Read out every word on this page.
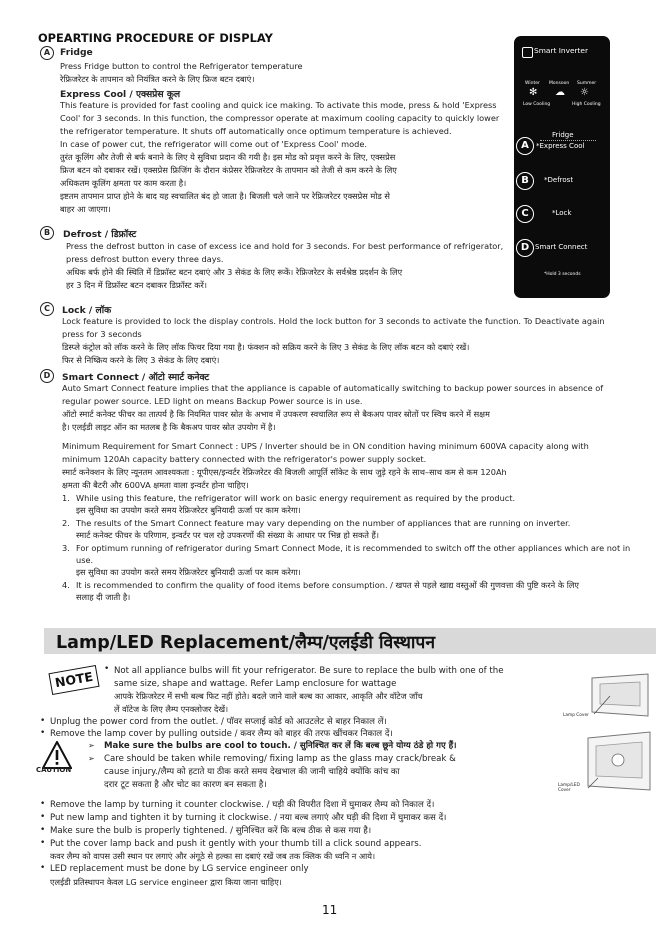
OPEARTING PROCEDURE OF DISPLAY
A	Fridge
Press Fridge button to control the Refrigerator temperature
रेफ्रिजरेटर के तापमान को नियंत्रित करने के लिए फ्रिज बटन दबाएं।
Express Cool / एक्सप्रेस कूल
This feature is provided for fast cooling and quick ice making. To activate this mode, press & hold 'Express
Cool' for 3 seconds. In this function, the compressor operate at maximum cooling capacity to quickly lower
the refrigerator temperature. It shuts off automatically once optimum temperature is achieved.
In case of power cut, the refrigerator will come out of 'Express Cool' mode.
तुरंत कूलिंग और तेजी से बर्फ बनाने के लिए ये सुविधा प्रदान की गयी है। इस मोड को प्रवृत्त करने के लिए, एक्सप्रेस
फ्रिज बटन को दबाकर रखें। एक्सप्रेस फ्रिजिंग के दौरान कंप्रेसर रेफ्रिजरेटर के तापमान को तेजी से कम करने के लिए
अधिकतम कूलिंग क्षमता पर काम करता है।
इष्टतम तापमान प्राप्त होने के बाद यह स्वचालित बंद हो जाता है। बिजली चले जाने पर रेफ्रिजरेटर एक्सप्रेस मोड से
बाहर आ जाएगा।
B	Defrost / डिफ्रॉस्ट
Press the defrost button in case of excess ice and hold for 3 seconds. For best performance of refrigerator,
press defrost button every three days.
अधिक बर्फ होने की स्थिति में डिफ्रॉस्ट बटन दबाएं और 3 सेकंड के लिए रूकें। रेफ्रिजरेटर के सर्वश्रेष्ठ प्रदर्शन के लिए
हर 3 दिन में डिफ्रॉस्ट बटन दबाकर डिफ्रॉस्ट करें।
C	Lock / लॉक
Lock feature is provided to lock the display controls. Hold the lock button for 3 seconds to activate the function. To Deactivate again
press for 3 seconds
डिस्प्ले कंट्रोल को लॉक करने के लिए लॉक फिचर दिया गया है। फंक्शन को सक्रिय करने के लिए 3 सेकंड के लिए लॉक बटन को दबाएं रखें।
फिर से निष्क्रिय करने के लिए 3 सेकंड के लिए दबाएं।
D	Smart Connect / ऑटो स्मार्ट कनेक्ट
Auto Smart Connect feature implies that the appliance is capable of automatically switching to backup power sources in absence of
regular power source. LED light on means Backup Power source is in use.
ऑटो स्मार्ट कनेक्ट फीचर का तात्पर्य है कि नियमित पावर स्रोत के अभाव में उपकरण स्वचालित रूप से बैकअप पावर स्रोतों पर स्विच करने में सक्षम
है। एलईडी लाइट ऑन का मतलब है कि बैकअप पावर स्रोत उपयोग में है।
Minimum Requirement for Smart Connect : UPS / Inverter should be in ON condition having minimum 600VA capacity along with
minimum 120Ah capacity battery connected with the refrigerator's power supply socket.
स्मार्ट कनेक्शन के लिए न्यूनतम आवश्यकता : यूपीएस/इन्वर्टर रेफ्रिजरेटर की बिजली आपूर्ति सॉकेट के साथ जुड़े रहने के साथ–साथ कम से कम 120Ah
क्षमता की बैटरी और 600VA क्षमता वाला इन्वर्टर होना चाहिए।
1. While using this feature, the refrigerator will work on basic energy requirement as required by the product.
इस सुविधा का उपयोग करते समय रेफ्रिजरेटर बुनियादी ऊर्जा पर काम करेगा।
2. The results of the Smart Connect feature may vary depending on the number of appliances that are running on inverter.
स्मार्ट कनेक्ट फीचर के परिणाम, इन्वर्टर पर चल रहे उपकरणों की संख्या के आधार पर भिन्न हो सकते हैं।
3. For optimum running of refrigerator during Smart Connect Mode, it is recommended to switch off the other appliances which are not in
use.
इस सुविधा का उपयोग करते समय रेफ्रिजरेटर बुनियादी ऊर्जा पर काम करेगा।
4. It is recommended to confirm the quality of food items before consumption. / खपत से पहले खाद्य वस्तुओं की गुणवत्ता की पुष्टि करने के लिए
सलाह दी जाती है।
Smart Inverter
Winter Monsoon Summer
✻ ☁ ☼
Low Cooling	High Cooling
A
Fridge
*Express Cool
B	*Defrost
C	*Lock
D Smart Connect
*Hold 3 seconds
Lamp/LED Replacement/लैम्प/एलईडी विस्थापन
NOTE	• Not all appliance bulbs will fit your refrigerator. Be sure to replace the bulb with one of the
same size, shape and wattage. Refer Lamp enclosure for wattage
आपके रेफ्रिजरेटर में सभी बल्ब फिट नहीं होते। बदले जाने वाले बल्ब का आकार, आकृति और वॉटेज जाँच
लें वॉटेज के लिए लैम्प एनक्लोजर देखें।
• Unplug the power cord from the outlet. / पॉवर सप्लाई कोर्ड को आउटलेट से बाहर निकाल लें।
• Remove the lamp cover by pulling outside / कवर लैम्प को बाहर की तरफ खींचकर निकाल दें।
CAUTION
➢ Make sure the bulbs are cool to touch. / सुनिश्चित कर लें कि बल्ब छूने योग्य ठंडे हो गए हैं।
➢ Care should be taken while removing/ fixing lamp as the glass may crack/break &
cause injury./लैम्प को हटाते या ठीक करते समय देखभाल की जानी चाहिये क्योंकि कांच का
दरार टूट सकता है और चोट का कारण बन सकता है।
Lamp Cover
Lamp/LED Cover
• Remove the lamp by turning it counter clockwise. / घड़ी की विपरीत दिशा में घुमाकर लैम्प को निकाल दें।
• Put new lamp and tighten it by turning it clockwise. / नया बल्ब लगाएं और घड़ी की दिशा में घुमाकर कस दें।
• Make sure the bulb is properly tightened. / सुनिश्चित करें कि बल्ब ठीक से कस गया है।
• Put the cover lamp back and push it gently with your thumb till a click sound appears.
कवर लैम्प को वापस उसी स्थान पर लगाएं और अंगूठे से हल्का सा दबाएं रखें जब तक क्लिक की ध्वनि न आये।
• LED replacement must be done by LG service engineer only
एलईडी प्रतिस्थापन केवल LG service engineer द्वारा किया जाना चाहिए।
11
